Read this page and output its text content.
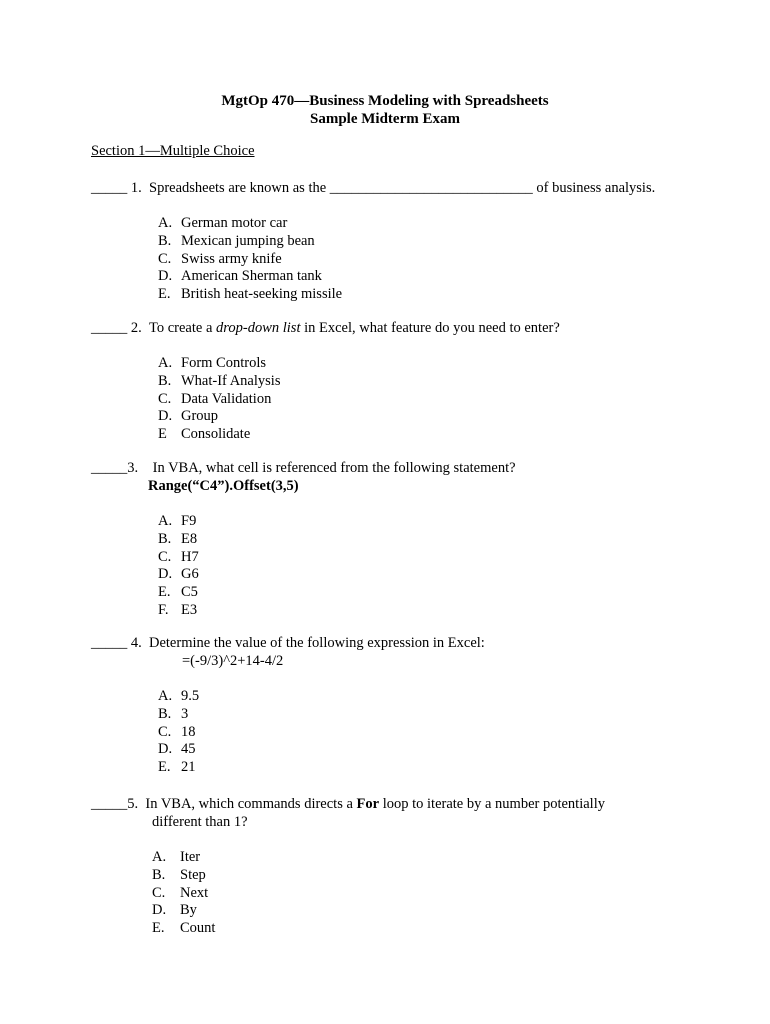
MgtOp 470—Business Modeling with Spreadsheets
Sample Midterm Exam
Section 1—Multiple Choice
_____ 1. Spreadsheets are known as the ____________________________ of business analysis.
A. German motor car
B. Mexican jumping bean
C. Swiss army knife
D. American Sherman tank
E. British heat-seeking missile
_____ 2. To create a drop-down list in Excel, what feature do you need to enter?
A. Form Controls
B. What-If Analysis
C. Data Validation
D. Group
E Consolidate
_____3. In VBA, what cell is referenced from the following statement?
Range(“C4”).Offset(3,5)
A. F9
B. E8
C. H7
D. G6
E. C5
F. E3
_____ 4. Determine the value of the following expression in Excel:
=(-9/3)^2+14-4/2
A. 9.5
B. 3
C. 18
D. 45
E. 21
_____5. In VBA, which commands directs a For loop to iterate by a number potentially
different than 1?
A. Iter
B. Step
C. Next
D. By
E. Count
